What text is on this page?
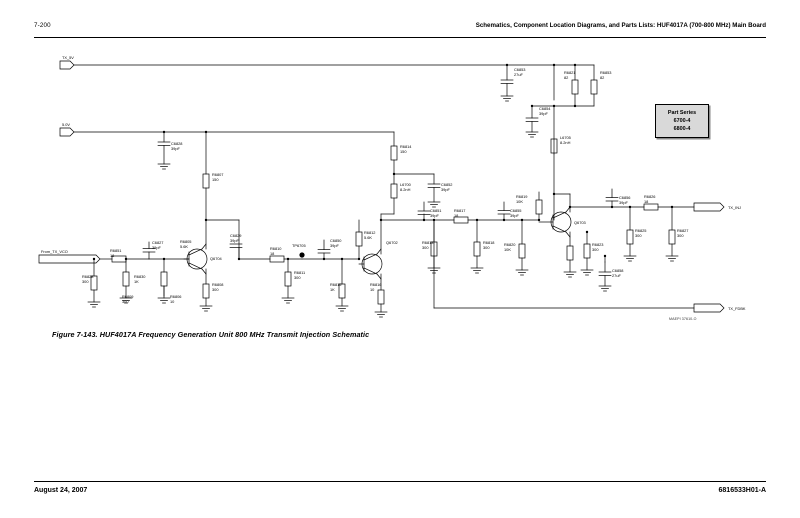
7-200	Schematics, Component Location Diagrams, and Parts Lists: HUF4017A (700-800 MHz) Main Board
TX_5V
5.0V
From_TX_VCO
TX_INJ
TX_FDBK
C6853
27uF	R6821
82
R6853
82
C6854
39pF
L6705
8.2nH
C6828
39pF
R6807
150
R6814
150
L6700
8.2nH
C6852
39pF
R6819
10K
C6856
39pF
R6826
18
R6805
5.6K
C6829
39pF
R6810
18
TP6705
C6850
39pF
R6812
5.6K
C6851
39pF
R6817
18
C6855
39pF
Q6703
R6825
300
R6827
300
R6851
18
C6827
39pF
Q6704
R6808
300
R6811
300
R6815
1K
R6816
10
Q6702	R6813
300
R6818
300
R6820
10K
R6823
300
C6858
27uF
R6828
300
R6830
1K
R6806
10
R6809
300
Part Series
6700-4
6800-4
MAEPI 37610-O
Figure 7-143. HUF4017A Frequency Generation Unit 800 MHz Transmit Injection Schematic
August 24, 2007	6816533H01-A
